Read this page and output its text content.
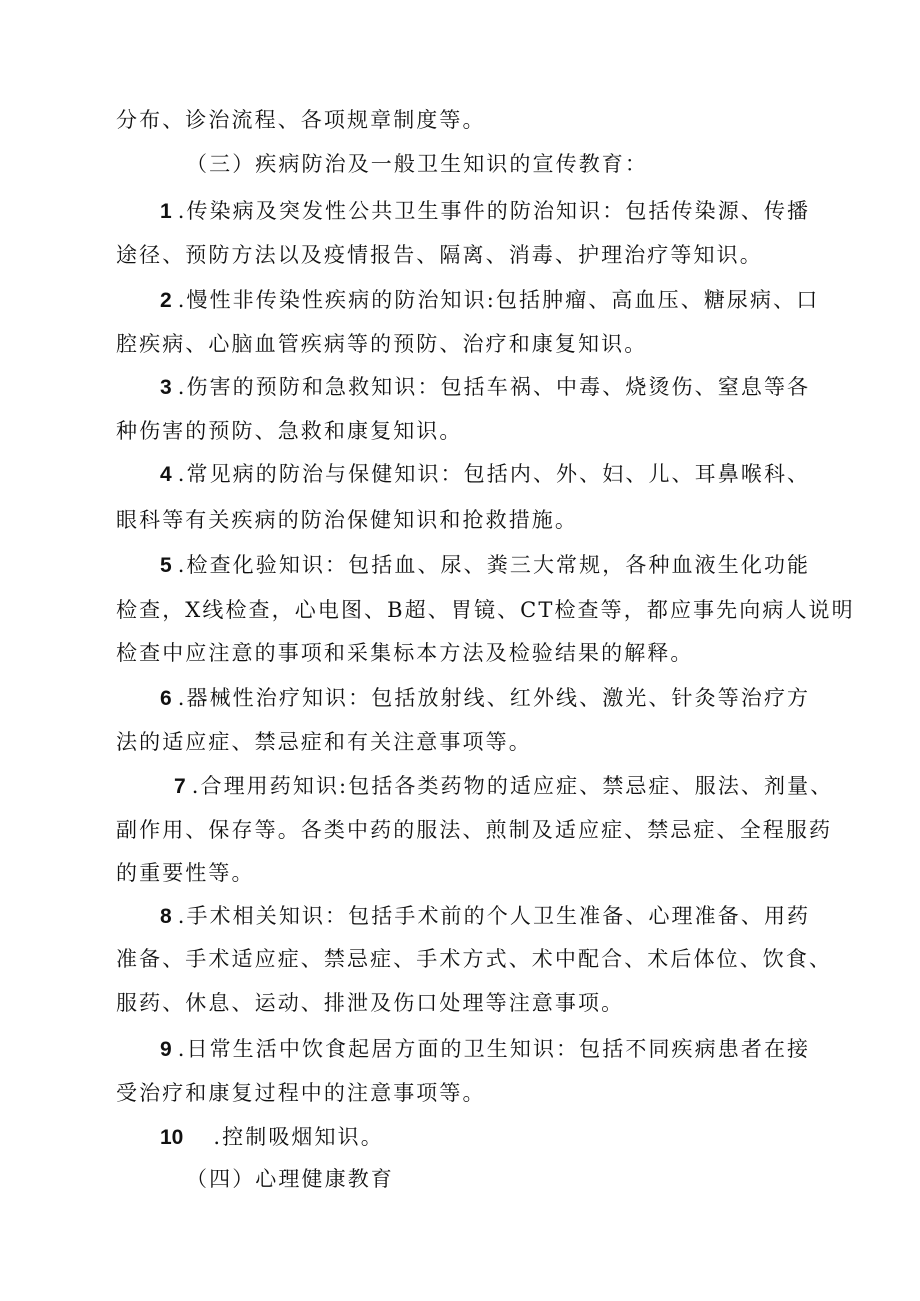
分布、诊治流程、各项规章制度等。
（三）疾病防治及一般卫生知识的宣传教育：
1 .传染病及突发性公共卫生事件的防治知识：包括传染源、传播
途径、预防方法以及疫情报告、隔离、消毒、护理治疗等知识。
2 .慢性非传染性疾病的防治知识:包括肿瘤、高血压、糖尿病、口
腔疾病、心脑血管疾病等的预防、治疗和康复知识。
3 .伤害的预防和急救知识：包括车祸、中毒、烧烫伤、窒息等各
种伤害的预防、急救和康复知识。
4 .常见病的防治与保健知识：包括内、外、妇、儿、耳鼻喉科、
眼科等有关疾病的防治保健知识和抢救措施。
5 .检查化验知识：包括血、尿、粪三大常规，各种血液生化功能
检查，X线检查，心电图、B超、胃镜、CT检查等，都应事先向病人说明
检查中应注意的事项和采集标本方法及检验结果的解释。
6 .器械性治疗知识：包括放射线、红外线、激光、针灸等治疗方
法的适应症、禁忌症和有关注意事项等。
7 .合理用药知识:包括各类药物的适应症、禁忌症、服法、剂量、
副作用、保存等。各类中药的服法、煎制及适应症、禁忌症、全程服药
的重要性等。
8 .手术相关知识：包括手术前的个人卫生准备、心理准备、用药
准备、手术适应症、禁忌症、手术方式、术中配合、术后体位、饮食、
服药、休息、运动、排泄及伤口处理等注意事项。
9 .日常生活中饮食起居方面的卫生知识：包括不同疾病患者在接
受治疗和康复过程中的注意事项等。
10 .控制吸烟知识。
（四）心理健康教育
